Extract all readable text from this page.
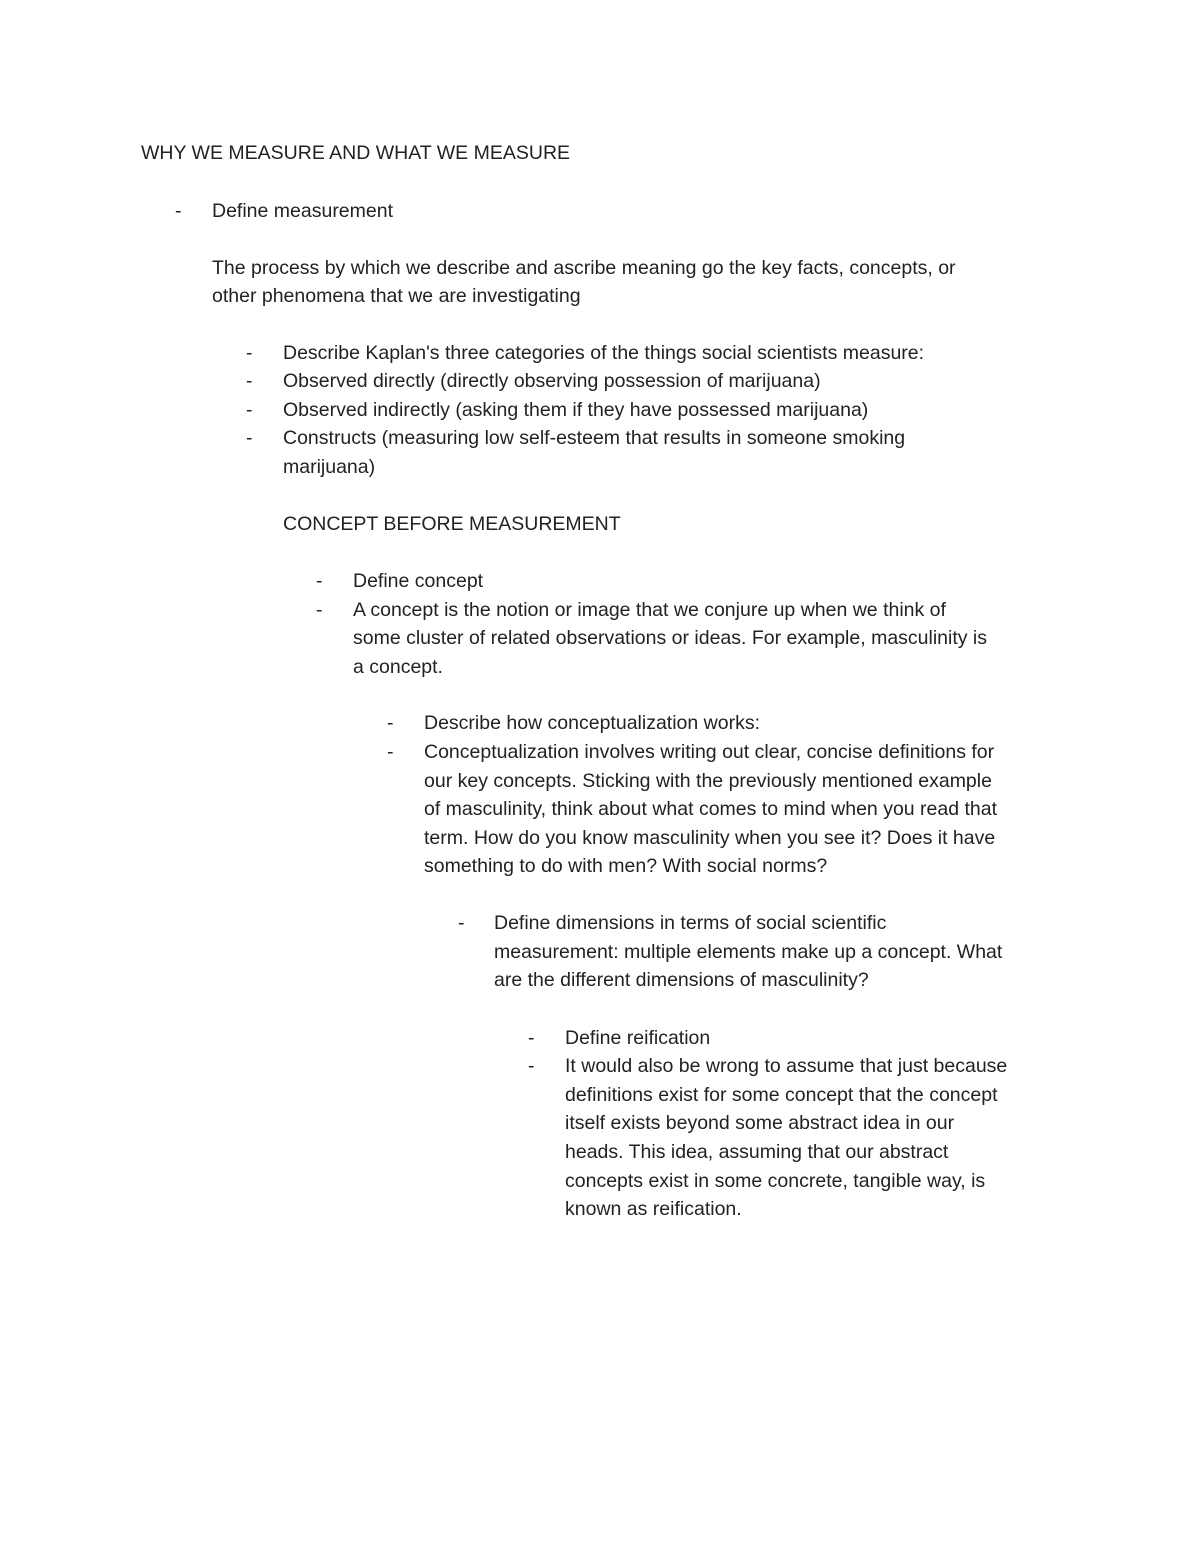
WHY WE MEASURE AND WHAT WE MEASURE

- Define measurement

The process by which we describe and ascribe meaning go the key facts, concepts, or

other phenomena that we are investigating

- Describe Kaplan's three categories of the things social scientists measure:

- Observed directly (directly observing possession of marijuana)

- Observed indirectly (asking them if they have possessed marijuana)

- Constructs (measuring low self-esteem that results in someone smoking

marijuana)

CONCEPT BEFORE MEASUREMENT

- Define concept

- A concept is the notion or image that we conjure up when we think of

some cluster of related observations or ideas. For example, masculinity is

a concept.

- Describe how conceptualization works:

- Conceptualization involves writing out clear, concise definitions for

our key concepts. Sticking with the previously mentioned example

of masculinity, think about what comes to mind when you read that

term. How do you know masculinity when you see it? Does it have

something to do with men? With social norms?

- Define dimensions in terms of social scientific

measurement: multiple elements make up a concept. What

are the different dimensions of masculinity?

- Define reification

- It would also be wrong to assume that just because

definitions exist for some concept that the concept

itself exists beyond some abstract idea in our

heads. This idea, assuming that our abstract

concepts exist in some concrete, tangible way, is

known as reification.
